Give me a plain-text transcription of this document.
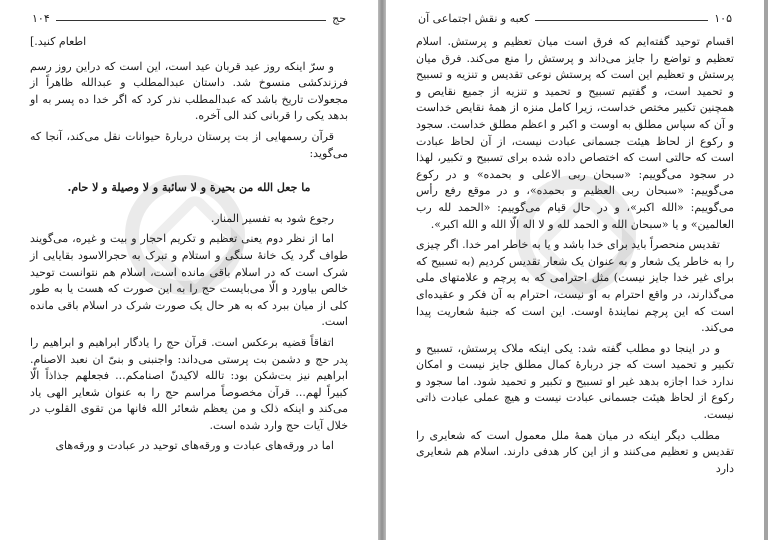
۱۰۴	حج

اطعام کنید.]

و سرّ اینکه روز عید قربان عید است، این است که دراین روز رسم فرزندکشی منسوخ شد. داستان عبدالمطلب و عبدالله ظاهراً از مجعولات تاریخ باشد که عبدالمطلب نذر کرد که اگر خدا ده پسر به او بدهد یکی را قربانی کند الی آخره.

قرآن رسمهایی از بت پرستان دربارهٔ حیوانات نقل می‌کند، آنجا که می‌گوید:

ما جعل الله من بحیرة و لا سائبة و لا وصیلة و لا حام.

رجوع شود به تفسیر المنار.

اما از نظر دوم یعنی تعظیم و تکریم احجار و بیت و غیره، می‌گویند طواف گرد یک خانهٔ سنگی و استلام و تبرک به حجرالاسود بقایایی از شرک است که در اسلام باقی مانده است، اسلام هم نتوانست توحید خالص بیاورد و الّا می‌بایست حج را به این صورت که هست یا به طور کلی از میان ببرد که به هر حال یک صورت شرک در اسلام باقی مانده است.

اتفاقاً قضیه برعکس است. قرآن حج را یادگار ابراهیم و ابراهیم را پدر حج و دشمن بت پرستی می‌داند: واجنبنی و بنیّ ان نعبد الاصنام. ابراهیم نیز بت‌شکن بود: تالله لاکیدنّ اصنامکم... فجعلهم جذاذاً الّا کبیراً لهم... قرآن مخصوصاً مراسم حج را به عنوان شعایر الهی یاد می‌کند و اینکه ذلک و من یعظم شعائر الله فانها من تقوی القلوب در خلال آیات حج وارد شده است.

اما در ورقه‌های عبادت و ورقه‌های توحید در عبادت و ورقه‌های

کعبه و نقش اجتماعی آن	۱۰۵

اقسام توحید گفته‌ایم که فرق است میان تعظیم و پرستش. اسلام تعظیم و تواضع را جایز می‌داند و پرستش را منع می‌کند. فرق میان پرستش و تعظیم این است که پرستش نوعی تقدیس و تنزیه و تسبیح و تحمید است، و گفتیم تسبیح و تحمید و تنزیه از جمیع نقایص و همچنین تکبیر مختص خداست، زیرا کامل منزه از همهٔ نقایص خداست و آن که سپاس مطلق به اوست و اکبر و اعظم مطلق خداست. سجود و رکوع از لحاظ هیئت جسمانی عبادت نیست، از آن لحاظ عبادت است که حالتی است که اختصاص داده شده برای تسبیح و تکبیر، لهذا در سجود می‌گوییم: «سبحان ربی الاعلی و بحمده» و در رکوع می‌گوییم: «سبحان ربی العظیم و بحمده»، و در موقع رفع رأس می‌گوییم: «الله اکبر»، و در حال قیام می‌گوییم: «الحمد لله رب العالمین» و یا «سبحان الله و الحمد لله و لا اله الّا الله و الله اکبر».

تقدیس منحصراً باید برای خدا باشد و یا به خاطر امر خدا. اگر چیزی را به خاطر یک شعار و به عنوان یک شعار تقدیس کردیم (به تسبیح که برای غیر خدا جایز نیست) مثل احترامی که به پرچم و علامتهای ملی می‌گذارند، در واقع احترام به او نیست، احترام به آن فکر و عقیده‌ای است که این پرچم نمایندهٔ اوست. این است که جنبهٔ شعاریت پیدا می‌کند.

و در اینجا دو مطلب گفته شد: یکی اینکه ملاک پرستش، تسبیح و تکبیر و تحمید است که جز دربارهٔ کمال مطلق جایز نیست و امکان ندارد خدا اجازه بدهد غیر او تسبیح و تکبیر و تحمید شود. اما سجود و رکوع از لحاظ هیئت جسمانی عبادت نیست و هیچ عملی عبادت ذاتی نیست.

مطلب دیگر اینکه در میان همهٔ ملل معمول است که شعایری را تقدیس و تعظیم می‌کنند و از این کار هدفی دارند. اسلام هم شعایری دارد
